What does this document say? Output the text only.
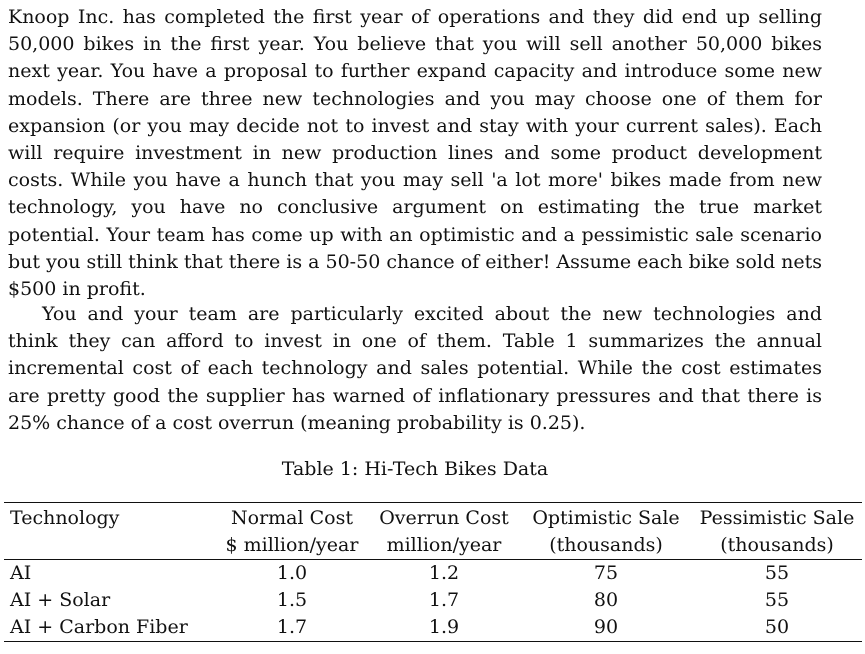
Knoop Inc. has completed the first year of operations and they did end up selling 50,000 bikes in the first year. You believe that you will sell another 50,000 bikes next year. You have a proposal to further expand capacity and introduce some new models. There are three new technologies and you may choose one of them for expansion (or you may decide not to invest and stay with your current sales). Each will require investment in new production lines and some product development costs. While you have a hunch that you may sell 'a lot more' bikes made from new technology, you have no conclusive argument on estimating the true market potential. Your team has come up with an optimistic and a pessimistic sale scenario but you still think that there is a 50-50 chance of either! Assume each bike sold nets $500 in profit.

You and your team are particularly excited about the new technologies and think they can afford to invest in one of them. Table 1 summarizes the annual incremental cost of each technology and sales potential. While the cost estimates are pretty good the supplier has warned of inflationary pressures and that there is 25% chance of a cost overrun (meaning probability is 0.25).

Table 1: Hi-Tech Bikes Data
Technology	Normal Cost	Overrun Cost	Optimistic Sale	Pessimistic Sale
	$ million/year	million/year	(thousands)	(thousands)
AI	1.0	1.2	75	55
AI + Solar	1.5	1.7	80	55
AI + Carbon Fiber	1.7	1.9	90	50
